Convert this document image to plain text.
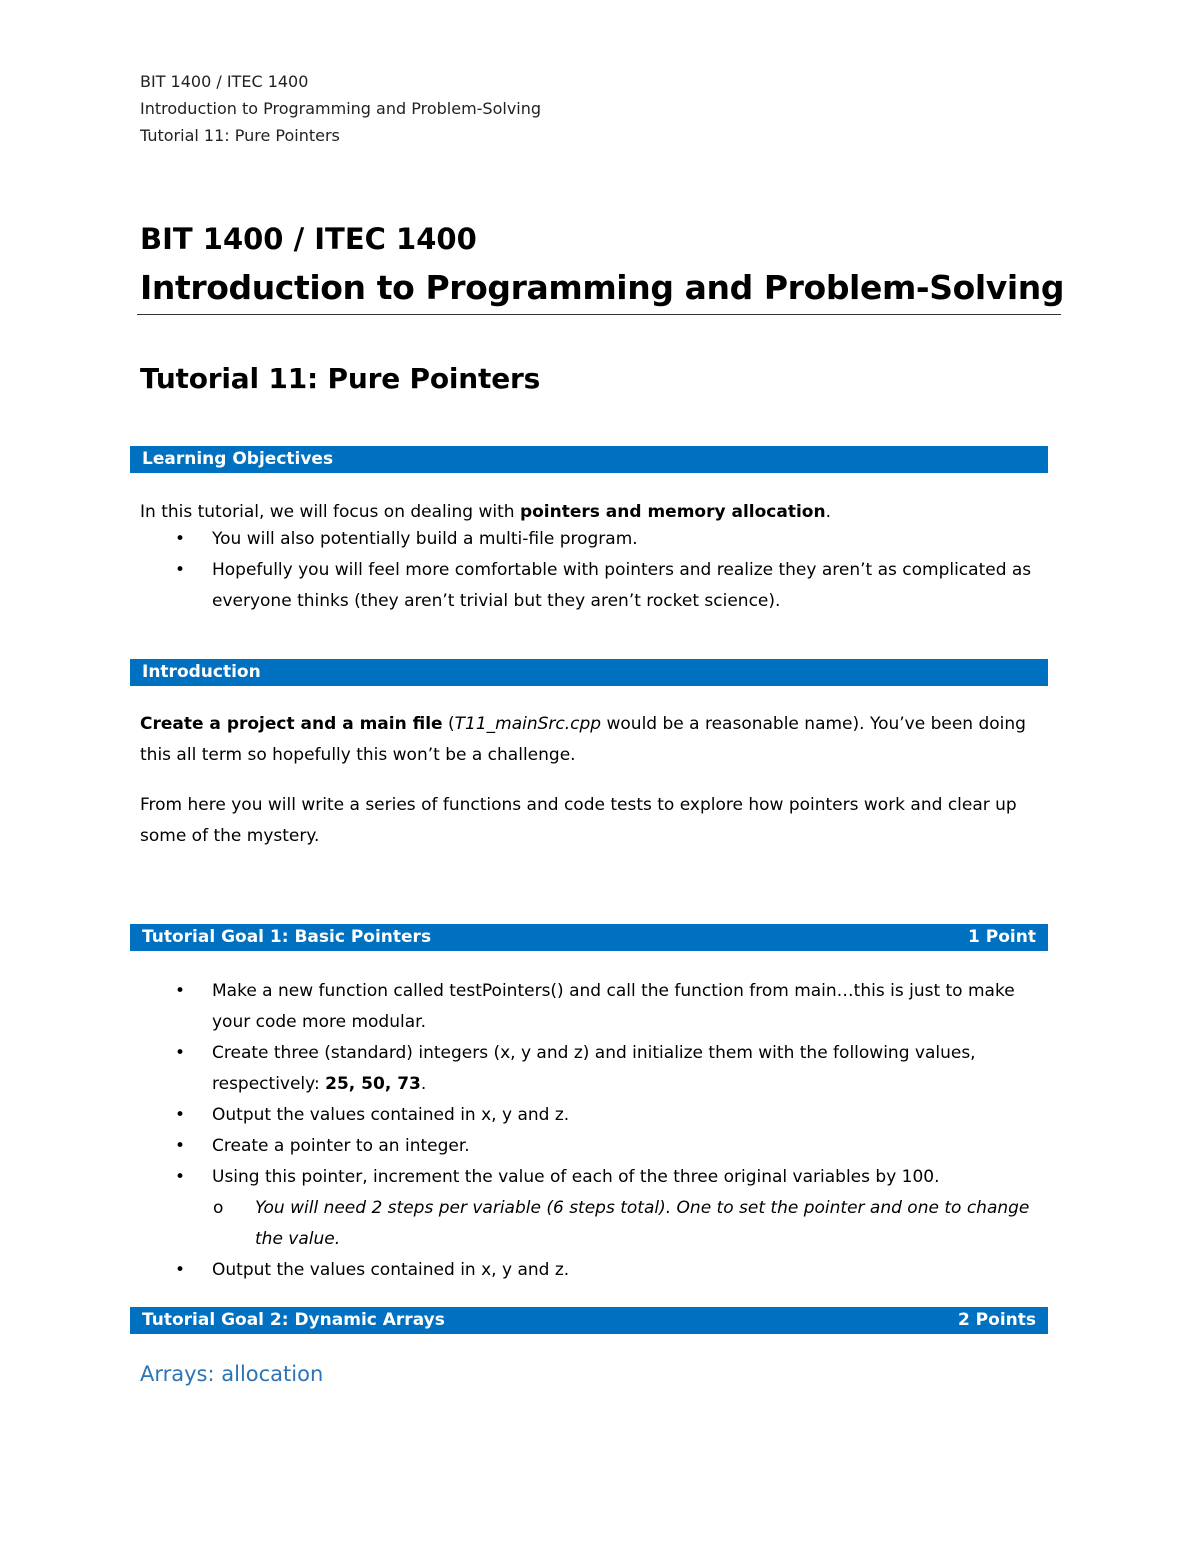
BIT 1400 / ITEC 1400
Introduction to Programming and Problem-Solving
Tutorial 11: Pure Pointers
BIT 1400 / ITEC 1400
Introduction to Programming and Problem-Solving
Tutorial 11: Pure Pointers
Learning Objectives
In this tutorial, we will focus on dealing with pointers and memory allocation.
• You will also potentially build a multi-file program.
• Hopefully you will feel more comfortable with pointers and realize they aren’t as complicated as everyone thinks (they aren’t trivial but they aren’t rocket science).
Introduction
Create a project and a main file (T11_mainSrc.cpp would be a reasonable name). You’ve been doing this all term so hopefully this won’t be a challenge.
From here you will write a series of functions and code tests to explore how pointers work and clear up some of the mystery.
Tutorial Goal 1: Basic Pointers	1 Point
• Make a new function called testPointers() and call the function from main…this is just to make your code more modular.
• Create three (standard) integers (x, y and z) and initialize them with the following values, respectively: 25, 50, 73.
• Output the values contained in x, y and z.
• Create a pointer to an integer.
• Using this pointer, increment the value of each of the three original variables by 100.
o You will need 2 steps per variable (6 steps total). One to set the pointer and one to change the value.
• Output the values contained in x, y and z.
Tutorial Goal 2: Dynamic Arrays	2 Points
Arrays: allocation
